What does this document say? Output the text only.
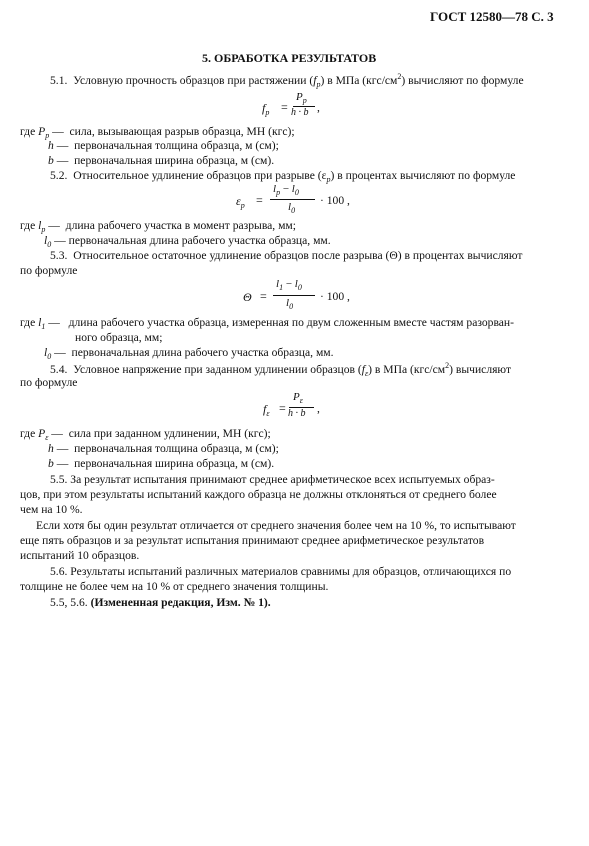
ГОСТ 12580—78 С. 3
5. ОБРАБОТКА РЕЗУЛЬТАТОВ
5.1. Условную прочность образцов при растяжении $(f_p)$ в МПа $(кгс/см^2)$ вычисляют по формуле
$f_p$ =
$P_p$
h · b ,
где $P_p$ — сила, вызывающая разрыв образца, МН (кгс);
h — первоначальная толщина образца, м (см);
b — первоначальная ширина образца, м (см).
5.2. Относительное удлинение образцов при разрыве $(\varepsilon_p)$ в процентах вычисляют по формуле
$\varepsilon_p$ =
$l_p - l_0$
$l_0$
· 100 ,
где $l_p$ — длина рабочего участка в момент разрыва, мм;
$l_0$ — первоначальная длина рабочего участка образца, мм.
5.3. Относительное остаточное удлинение образцов после разрыва (Θ) в процентах вычисляют
по формуле
Θ =
$l_1 - l_0$
$l_0$
· 100 ,
где $l_1$ — длина рабочего участка образца, измеренная по двум сложенным вместе частям разорван-
ного образца, мм;
$l_0$ — первоначальная длина рабочего участка образца, мм.
5.4. Условное напряжение при заданном удлинении образцов $(f_\varepsilon)$ в МПа $(кгс/см^2)$ вычисляют
по формуле
$f_\varepsilon$ =
$P_\varepsilon$
h · b ,
где $P_\varepsilon$ — сила при заданном удлинении, МН (кгс);
h — первоначальная толщина образца, м (см);
b — первоначальная ширина образца, м (см).
5.5. За результат испытания принимают среднее арифметическое всех испытуемых образ-
цов, при этом результаты испытаний каждого образца не должны отклоняться от среднего более
чем на 10 %.
Если хотя бы один результат отличается от среднего значения более чем на 10 %, то испытывают
еще пять образцов и за результат испытания принимают среднее арифметическое результатов
испытаний 10 образцов.
5.6. Результаты испытаний различных материалов сравнимы для образцов, отличающихся по
толщине не более чем на 10 % от среднего значения толщины.
5.5, 5.6. (Измененная редакция, Изм. № 1).
